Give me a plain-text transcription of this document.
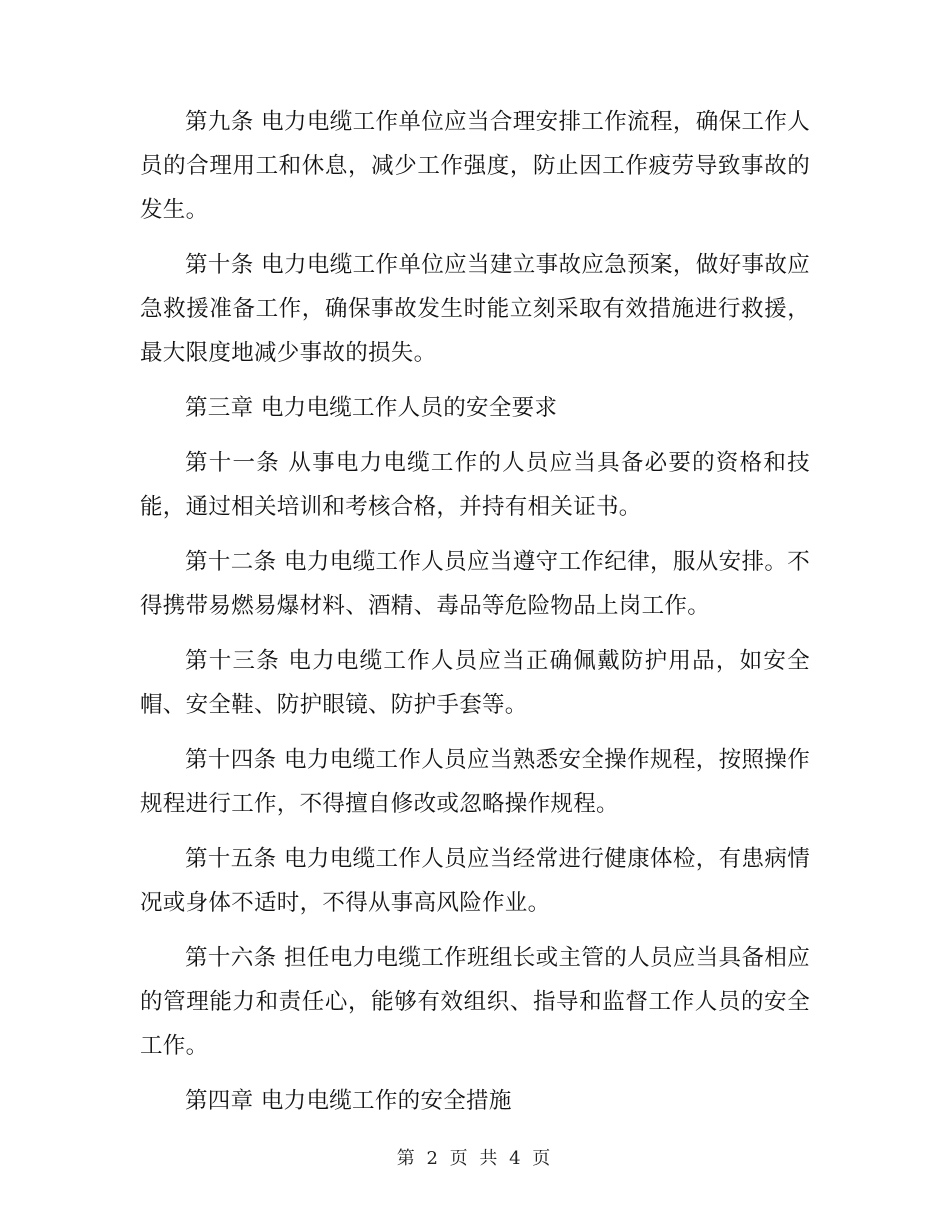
第九条 电力电缆工作单位应当合理安排工作流程，确保工作人员的合理用工和休息，减少工作强度，防止因工作疲劳导致事故的发生。

第十条 电力电缆工作单位应当建立事故应急预案，做好事故应急救援准备工作，确保事故发生时能立刻采取有效措施进行救援，最大限度地减少事故的损失。

第三章 电力电缆工作人员的安全要求

第十一条 从事电力电缆工作的人员应当具备必要的资格和技能，通过相关培训和考核合格，并持有相关证书。

第十二条 电力电缆工作人员应当遵守工作纪律，服从安排。不得携带易燃易爆材料、酒精、毒品等危险物品上岗工作。

第十三条 电力电缆工作人员应当正确佩戴防护用品，如安全帽、安全鞋、防护眼镜、防护手套等。

第十四条 电力电缆工作人员应当熟悉安全操作规程，按照操作规程进行工作，不得擅自修改或忽略操作规程。

第十五条 电力电缆工作人员应当经常进行健康体检，有患病情况或身体不适时，不得从事高风险作业。

第十六条 担任电力电缆工作班组长或主管的人员应当具备相应的管理能力和责任心，能够有效组织、指导和监督工作人员的安全工作。

第四章 电力电缆工作的安全措施

第 2 页 共 4 页
